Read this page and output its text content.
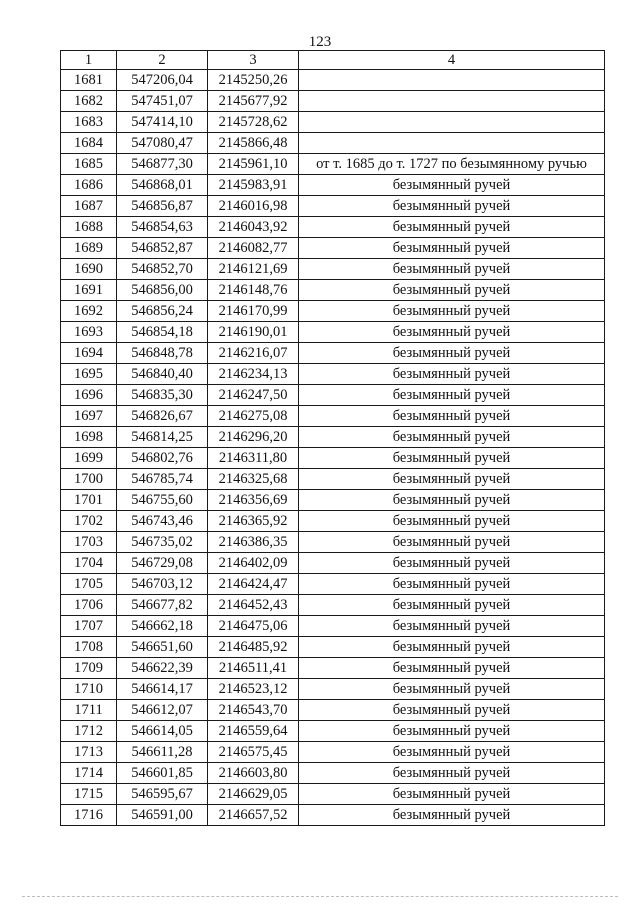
123
1	2	3	4
1681	547206,04	2145250,26	
1682	547451,07	2145677,92	
1683	547414,10	2145728,62	
1684	547080,47	2145866,48	
1685	546877,30	2145961,10	от т. 1685 до т. 1727 по безымянному ручью
1686	546868,01	2145983,91	безымянный ручей
1687	546856,87	2146016,98	безымянный ручей
1688	546854,63	2146043,92	безымянный ручей
1689	546852,87	2146082,77	безымянный ручей
1690	546852,70	2146121,69	безымянный ручей
1691	546856,00	2146148,76	безымянный ручей
1692	546856,24	2146170,99	безымянный ручей
1693	546854,18	2146190,01	безымянный ручей
1694	546848,78	2146216,07	безымянный ручей
1695	546840,40	2146234,13	безымянный ручей
1696	546835,30	2146247,50	безымянный ручей
1697	546826,67	2146275,08	безымянный ручей
1698	546814,25	2146296,20	безымянный ручей
1699	546802,76	2146311,80	безымянный ручей
1700	546785,74	2146325,68	безымянный ручей
1701	546755,60	2146356,69	безымянный ручей
1702	546743,46	2146365,92	безымянный ручей
1703	546735,02	2146386,35	безымянный ручей
1704	546729,08	2146402,09	безымянный ручей
1705	546703,12	2146424,47	безымянный ручей
1706	546677,82	2146452,43	безымянный ручей
1707	546662,18	2146475,06	безымянный ручей
1708	546651,60	2146485,92	безымянный ручей
1709	546622,39	2146511,41	безымянный ручей
1710	546614,17	2146523,12	безымянный ручей
1711	546612,07	2146543,70	безымянный ручей
1712	546614,05	2146559,64	безымянный ручей
1713	546611,28	2146575,45	безымянный ручей
1714	546601,85	2146603,80	безымянный ручей
1715	546595,67	2146629,05	безымянный ручей
1716	546591,00	2146657,52	безымянный ручей
